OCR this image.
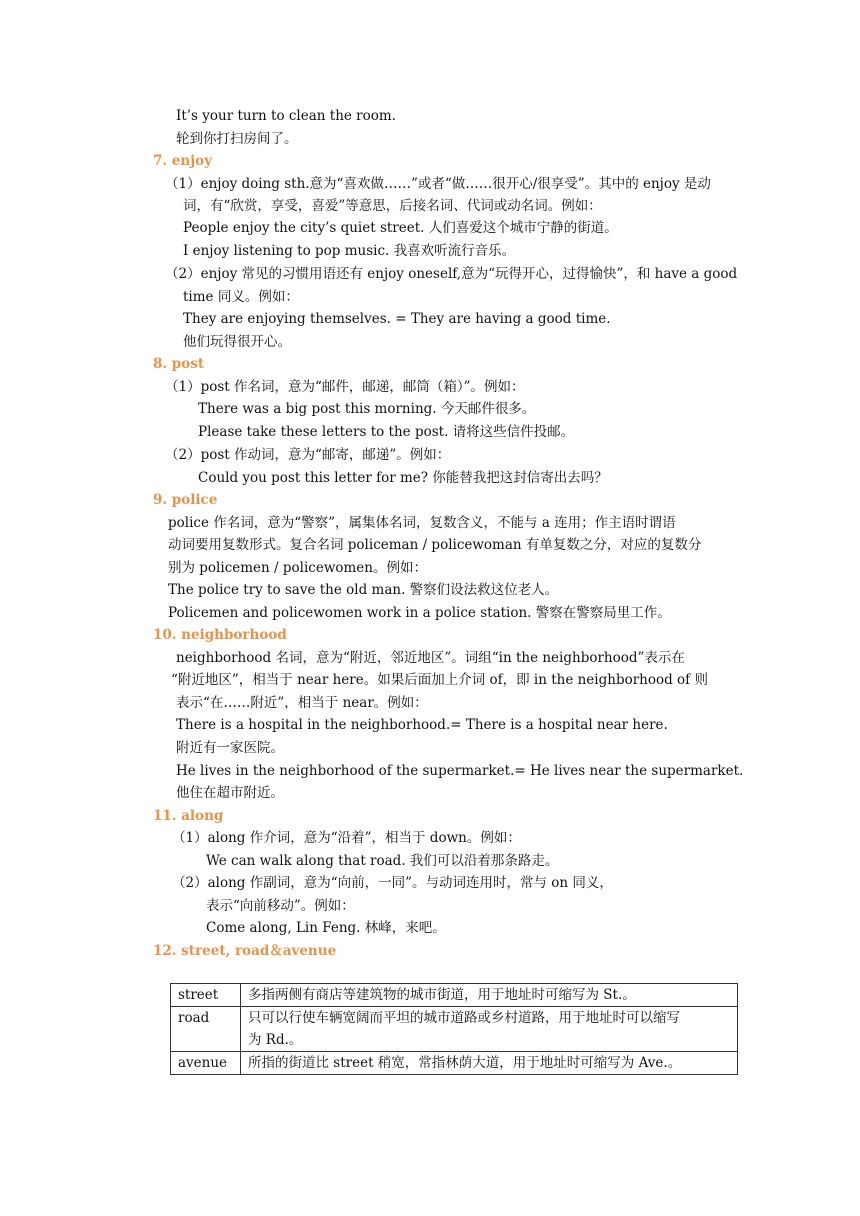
It’s your turn to clean the room.
轮到你打扫房间了。
7. enjoy
（1）enjoy doing sth.意为“喜欢做……”或者“做……很开心/很享受”。其中的 enjoy 是动
词，有“欣赏，享受，喜爱”等意思，后接名词、代词或动名词。例如：
People enjoy the city’s quiet street. 人们喜爱这个城市宁静的街道。
I enjoy listening to pop music. 我喜欢听流行音乐。
（2）enjoy 常见的习惯用语还有 enjoy oneself,意为“玩得开心，过得愉快”，和 have a good
time 同义。例如：
They are enjoying themselves. = They are having a good time.
他们玩得很开心。
8. post
（1）post 作名词，意为“邮件，邮递，邮筒（箱）”。例如：
There was a big post this morning. 今天邮件很多。
Please take these letters to the post. 请将这些信件投邮。
（2）post 作动词，意为“邮寄，邮递”。例如：
Could you post this letter for me? 你能替我把这封信寄出去吗？
9. police
police 作名词，意为“警察”，属集体名词，复数含义，不能与 a 连用；作主语时谓语
动词要用复数形式。复合名词 policeman / policewoman 有单复数之分，对应的复数分
别为 policemen / policewomen。例如：
The police try to save the old man. 警察们设法救这位老人。
Policemen and policewomen work in a police station. 警察在警察局里工作。
10. neighborhood
neighborhood 名词，意为“附近，邻近地区”。词组“in the neighborhood”表示在
“附近地区”，相当于 near here。如果后面加上介词 of，即 in the neighborhood of 则
表示“在……附近”，相当于 near。例如：
There is a hospital in the neighborhood.= There is a hospital near here.
附近有一家医院。
He lives in the neighborhood of the supermarket.= He lives near the supermarket.
他住在超市附近。
11. along
（1）along 作介词，意为“沿着”，相当于 down。例如：
We can walk along that road. 我们可以沿着那条路走。
（2）along 作副词，意为“向前，一同”。与动词连用时，常与 on 同义，
表示“向前移动”。例如：
Come along, Lin Feng. 林峰，来吧。
12. street, road＆avenue
street	多指两侧有商店等建筑物的城市街道，用于地址时可缩写为 St.。
road	只可以行使车辆宽阔而平坦的城市道路或乡村道路，用于地址时可以缩写
为 Rd.。
avenue	所指的街道比 street 稍宽，常指林荫大道，用于地址时可缩写为 Ave.。
